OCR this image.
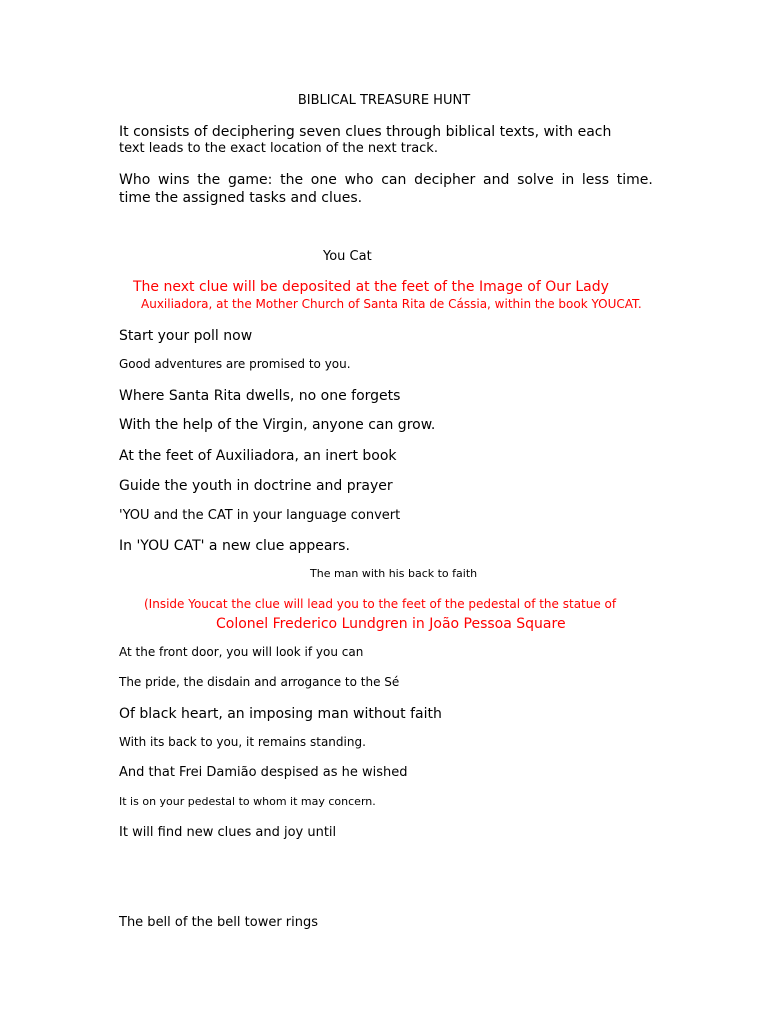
BIBLICAL TREASURE HUNT
It consists of deciphering seven clues through biblical texts, with each
text leads to the exact location of the next track.
Who wins the game: the one who can decipher and solve in less time.
time the assigned tasks and clues.
You Cat
The next clue will be deposited at the feet of the Image of Our Lady
Auxiliadora, at the Mother Church of Santa Rita de Cássia, within the book YOUCAT.
Start your poll now
Good adventures are promised to you.
Where Santa Rita dwells, no one forgets
With the help of the Virgin, anyone can grow.
At the feet of Auxiliadora, an inert book
Guide the youth in doctrine and prayer
'YOU and the CAT in your language convert
In 'YOU CAT' a new clue appears.
The man with his back to faith
(Inside Youcat the clue will lead you to the feet of the pedestal of the statue of
Colonel Frederico Lundgren in João Pessoa Square
At the front door, you will look if you can
The pride, the disdain and arrogance to the Sé
Of black heart, an imposing man without faith
With its back to you, it remains standing.
And that Frei Damião despised as he wished
It is on your pedestal to whom it may concern.
It will find new clues and joy until
The bell of the bell tower rings
